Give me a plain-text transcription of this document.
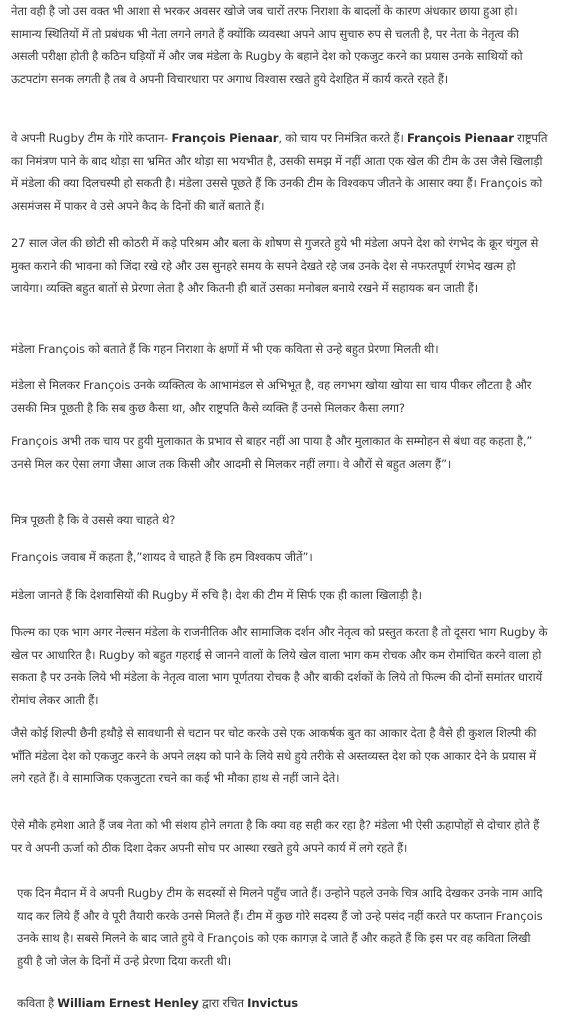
नेता वही है जो उस वक्त भी आशा से भरकर अवसर खोजे जब चारों तरफ निराशा के बादलों के कारण अंधकार छाया हुआ हो। सामान्य स्थितियों में तो प्रबंधक भी नेता लगने लगते हैं क्योंकि व्यवस्था अपने आप सुचारु रुप से चलती है, पर नेता के नेतृत्व की असली परीक्षा होती है कठिन घड़ियों में और जब मंडेला के Rugby के बहाने देश को एकजुट करने का प्रयास उनके साथियों को ऊटपटांग सनक लगती है तब वे अपनी विचारधारा पर अगाध विश्वास रखते हुये देशहित में कार्य करते रहते हैं।

वे अपनी Rugby टीम के गोरे कप्तान- François Pienaar, को चाय पर निमंत्रित करते हैं। François Pienaar राष्ट्रपति का निमंत्रण पाने के बाद थोड़ा सा भ्रमित और थोड़ा सा भयभीत है, उसकी समझ में नहीं आता एक खेल की टीम के उस जैसे खिलाड़ी में मंडेला की क्या दिलचस्पी हो सकती है। मंडेला उससे पूछते हैं कि उनकी टीम के विश्वकप जीतने के आसार क्या हैं। François को असमंजस में पाकर वे उसे अपने कैद के दिनों की बातें बताते हैं।

27 साल जेल की छोटी सी कोठरी में कड़े परिश्रम और बला के शोषण से गुजरते हुये भी मंडेला अपने देश को रंगभेद के क्रूर चंगुल से मुक्त कराने की भावना को जिंदा रखे रहे और उस सुनहरे समय के सपने देखते रहे जब उनके देश से नफरतपूर्ण रंगभेद खत्म हो जायेगा। व्यक्ति बहुत बातों से प्रेरणा लेता है और कितनी ही बातें उसका मनोबल बनाये रखने में सहायक बन जाती हैं।

मंडेला François को बताते हैं कि गहन निराशा के क्षणों में भी एक कविता से उन्हे बहुत प्रेरणा मिलती थी।

मंडेला से मिलकर François उनके व्यक्तित्व के आभामंडल से अभिभूत है, वह लगभग खोया खोया सा चाय पीकर लौटता है और उसकी मित्र पूछती है कि सब कुछ कैसा था, और राष्ट्रपति कैसे व्यक्ति हैं उनसे मिलकर कैसा लगा?

François अभी तक चाय पर हुयी मुलाकात के प्रभाव से बाहर नहीं आ पाया है और मुलाकात के सम्मोहन से बंधा वह कहता है,” उनसे मिल कर ऐसा लगा जैसा आज तक किसी और आदमी से मिलकर नहीं लगा। वे औरों से बहुत अलग हैं”।

मित्र पूछती है कि वे उससे क्या चाहते थे?

François जवाब में कहता है,”शायद वे चाहते हैं कि हम विश्वकप जीतें”।

मंडेला जानते हैं कि देशवासियों की Rugby में रुचि है। देश की टीम में सिर्फ एक ही काला खिलाड़ी है।

फिल्म का एक भाग अगर नेल्सन मंडेला के राजनीतिक और सामाजिक दर्शन और नेतृत्व को प्रस्तुत करता है तो दूसरा भाग Rugby के खेल पर आधारित है। Rugby को बहुत गहराई से जानने वालों के लिये खेल वाला भाग कम रोचक और कम रोमांचित करने वाला हो सकता है पर उनके लिये भी मंडेला के नेतृत्व वाला भाग पूर्णतया रोचक है और बाकी दर्शकों के लिये तो फिल्म की दोनों समांतर धारायें रोमांच लेकर आती हैं।

जैसे कोई शिल्पी छैनी हथौड़े से सावधानी से चटान पर चोट करके उसे एक आकर्षक बुत का आकार देता है वैसे ही कुशल शिल्पी की भाँति मंडेला देश को एकजुट करने के अपने लक्ष्य को पाने के लिये सधे हुये तरीके से अस्तव्यस्त देश को एक आकार देने के प्रयास में लगे रहते हैं। वे सामाजिक एकजुटता रचने का कई भी मौका हाथ से नहीं जाने देते।

ऐसे मौके हमेशा आते हैं जब नेता को भी संशय होने लगता है कि क्या वह सही कर रहा है? मंडेला भी ऐसी ऊहापोहों से दोचार होते हैं पर वे अपनी ऊर्जा को ठीक दिशा देकर अपनी सोच पर आस्था रखते हुये अपने कार्य में लगे रहते हैं।

एक दिन मैदान में वे अपनी Rugby टीम के सदस्यों से मिलने पहुँच जाते हैं। उन्होने पहले उनके चित्र आदि देखकर उनके नाम आदि याद कर लिये हैं और वे पूरी तैयारी करके उनसे मिलते हैं। टीम में कुछ गोरे सदस्य हैं जो उन्हे पसंद नहीं करते पर कप्तान François उनके साथ है। सबसे मिलने के बाद जाते हुये वे François को एक कागज़ दे जाते हैं और कहते हैं कि इस पर वह कविता लिखी हुयी है जो जेल के दिनों में उन्हे प्रेरणा दिया करती थी।

कविता है William Ernest Henley द्वारा रचित Invictus
